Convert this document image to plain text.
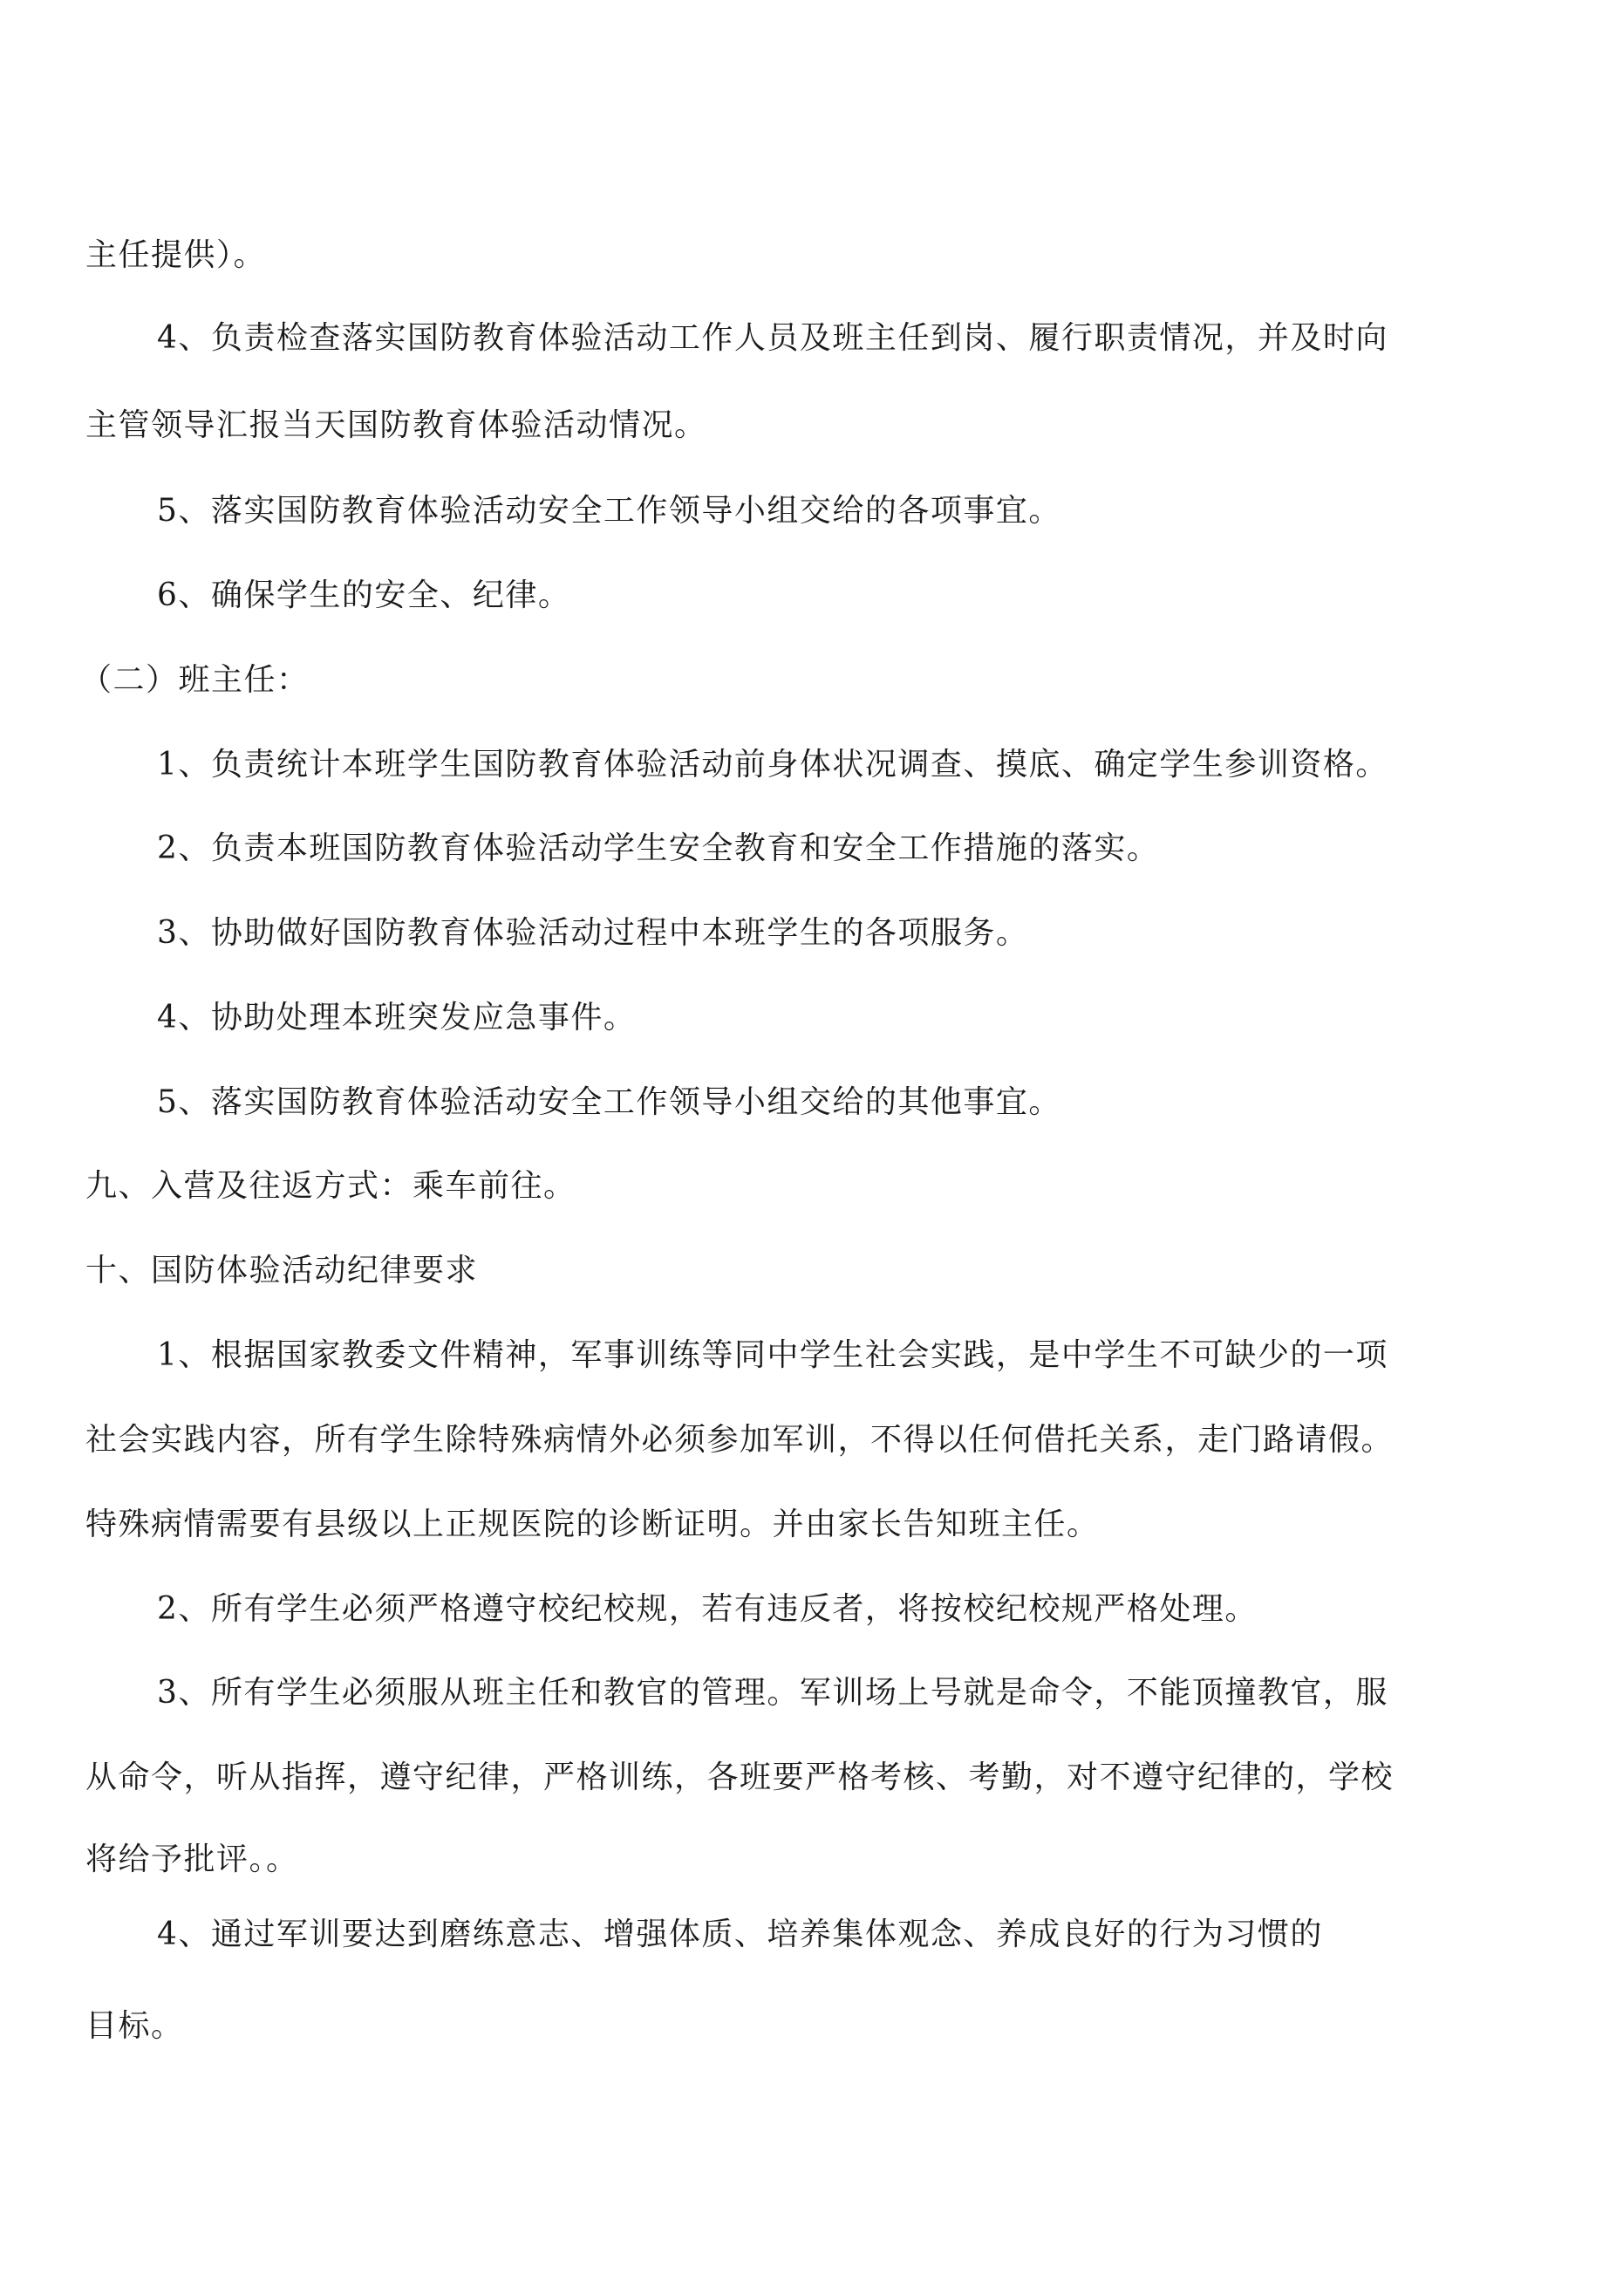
主任提供）。
4、负责检查落实国防教育体验活动工作人员及班主任到岗、履行职责情况，并及时向
主管领导汇报当天国防教育体验活动情况。
5、落实国防教育体验活动安全工作领导小组交给的各项事宜。
6、确保学生的安全、纪律。
（二）班主任：
1、负责统计本班学生国防教育体验活动前身体状况调查、摸底、确定学生参训资格。
2、负责本班国防教育体验活动学生安全教育和安全工作措施的落实。
3、协助做好国防教育体验活动过程中本班学生的各项服务。
4、协助处理本班突发应急事件。
5、落实国防教育体验活动安全工作领导小组交给的其他事宜。
九、入营及往返方式：乘车前往。
十、国防体验活动纪律要求
1、根据国家教委文件精神，军事训练等同中学生社会实践，是中学生不可缺少的一项
社会实践内容，所有学生除特殊病情外必须参加军训，不得以任何借托关系，走门路请假。
特殊病情需要有县级以上正规医院的诊断证明。并由家长告知班主任。
2、所有学生必须严格遵守校纪校规，若有违反者，将按校纪校规严格处理。
3、所有学生必须服从班主任和教官的管理。军训场上号就是命令，不能顶撞教官，服
从命令，听从指挥，遵守纪律，严格训练，各班要严格考核、考勤，对不遵守纪律的，学校
将给予批评。。
4、通过军训要达到磨练意志、增强体质、培养集体观念、养成良好的行为习惯的
目标。
